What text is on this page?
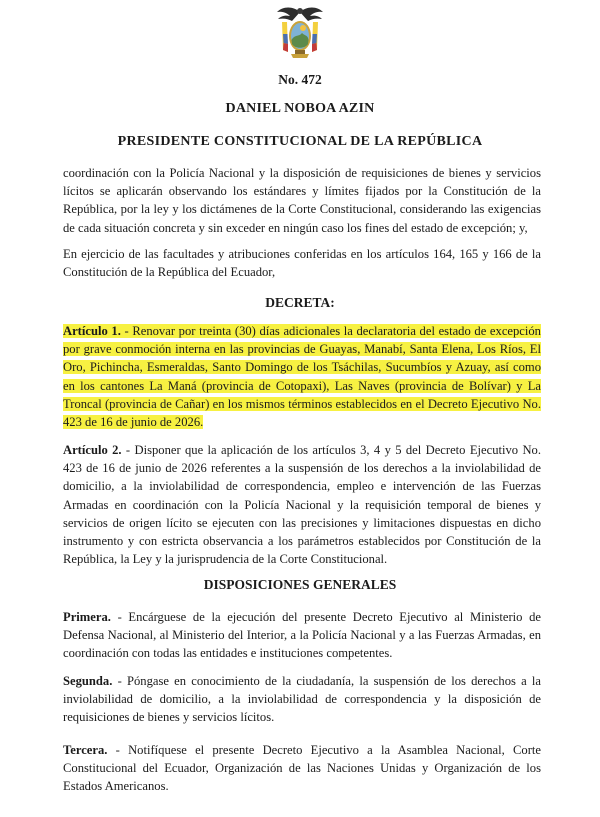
No. 472
DANIEL NOBOA AZIN
PRESIDENTE CONSTITUCIONAL DE LA REPÚBLICA

coordinación con la Policía Nacional y la disposición de requisiciones de bienes y servicios lícitos se aplicarán observando los estándares y límites fijados por la Constitución de la República, por la ley y los dictámenes de la Corte Constitucional, considerando las exigencias de cada situación concreta y sin exceder en ningún caso los fines del estado de excepción; y,

En ejercicio de las facultades y atribuciones conferidas en los artículos 164, 165 y 166 de la Constitución de la República del Ecuador,

DECRETA:

Artículo 1. - Renovar por treinta (30) días adicionales la declaratoria del estado de excepción por grave conmoción interna en las provincias de Guayas, Manabí, Santa Elena, Los Ríos, El Oro, Pichincha, Esmeraldas, Santo Domingo de los Tsáchilas, Sucumbíos y Azuay, así como en los cantones La Maná (provincia de Cotopaxi), Las Naves (provincia de Bolívar) y La Troncal (provincia de Cañar) en los mismos términos establecidos en el Decreto Ejecutivo No. 423 de 16 de junio de 2026.

Artículo 2. - Disponer que la aplicación de los artículos 3, 4 y 5 del Decreto Ejecutivo No. 423 de 16 de junio de 2026 referentes a la suspensión de los derechos a la inviolabilidad de domicilio, a la inviolabilidad de correspondencia, empleo e intervención de las Fuerzas Armadas en coordinación con la Policía Nacional y la requisición temporal de bienes y servicios de origen lícito se ejecuten con las precisiones y limitaciones dispuestas en dicho instrumento y con estricta observancia a los parámetros establecidos por Constitución de la República, la Ley y la jurisprudencia de la Corte Constitucional.

DISPOSICIONES GENERALES

Primera. - Encárguese de la ejecución del presente Decreto Ejecutivo al Ministerio de Defensa Nacional, al Ministerio del Interior, a la Policía Nacional y a las Fuerzas Armadas, en coordinación con todas las entidades e instituciones competentes.

Segunda. - Póngase en conocimiento de la ciudadanía, la suspensión de los derechos a la inviolabilidad de domicilio, a la inviolabilidad de correspondencia y la disposición de requisiciones de bienes y servicios lícitos.

Tercera. - Notifíquese el presente Decreto Ejecutivo a la Asamblea Nacional, Corte Constitucional del Ecuador, Organización de las Naciones Unidas y Organización de los Estados Americanos.
